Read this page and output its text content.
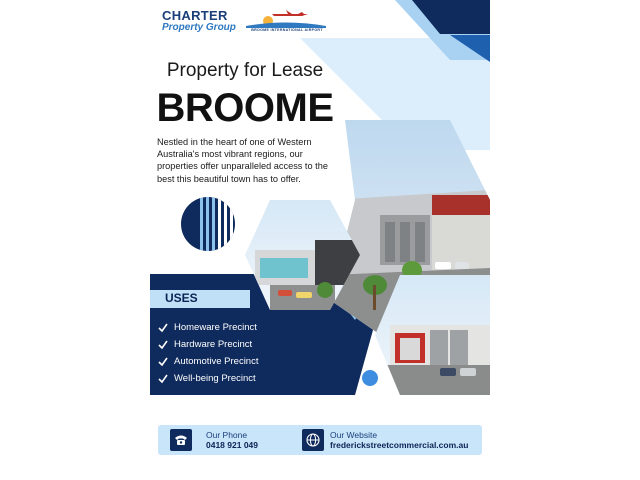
CHARTER
Property Group	BROOME INTERNATIONAL AIRPORT
Property for Lease
BROOME
Nestled in the heart of one of Western Australia's most vibrant regions, our properties offer unparalleled access to the best this beautiful town has to offer.
USES
Homeware Precinct
Hardware Precinct
Automotive Precinct
Well-being Precinct
Our Phone
0418 921 049
Our Website
frederickstreetcommercial.com.au
